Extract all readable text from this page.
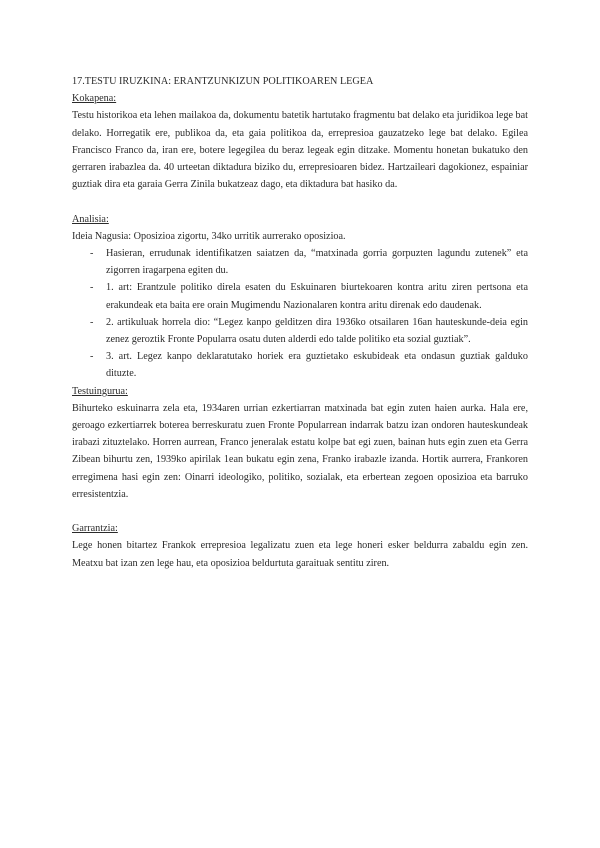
17.TESTU IRUZKINA: ERANTZUNKIZUN POLITIKOAREN LEGEA

Kokapena:

Testu historikoa eta lehen mailakoa da, dokumentu batetik hartutako fragmentu bat delako eta juridikoa lege bat delako. Horregatik ere, publikoa da, eta gaia politikoa da, errepresioa gauzatzeko lege bat delako. Egilea Francisco Franco da, iran ere, botere legegilea du beraz legeak egin ditzake. Momentu honetan bukatuko den gerraren irabazlea da. 40 urteetan diktadura biziko du, errepresioaren bidez. Hartzaileari dagokionez, espainiar guztiak dira eta garaia Gerra Zinila bukatzeaz dago, eta diktadura bat hasiko da.

Analisia:

Ideia Nagusia: Oposizioa zigortu, 34ko urritik aurrerako oposizioa.

- Hasieran, errudunak identifikatzen saiatzen da, “matxinada gorria gorpuzten lagundu zutenek” eta zigorren iragarpena egiten du.
- 1. art: Erantzule politiko direla esaten du Eskuinaren biurtekoaren kontra aritu ziren pertsona eta erakundeak eta baita ere orain Mugimendu Nazionalaren kontra aritu direnak edo daudenak.
- 2. artikuluak horrela dio: “Legez kanpo gelditzen dira 1936ko otsailaren 16an hauteskunde-deia egin zenez geroztik Fronte Popularra osatu duten alderdi edo talde politiko eta sozial guztiak”.
- 3. art. Legez kanpo deklaratutako horiek era guztietako eskubideak eta ondasun guztiak galduko dituzte.

Testuingurua:

Bihurteko eskuinarra zela eta, 1934aren urrian ezkertiarran matxinada bat egin zuten haien aurka. Hala ere, geroago ezkertiarrek boterea berreskuratu zuen Fronte Popularrean indarrak batzu izan ondoren hauteskundeak irabazi zituztelako. Horren aurrean, Franco jeneralak estatu kolpe bat egi zuen, bainan huts egin zuen eta Gerra Zibean bihurtu zen, 1939ko apirilak 1ean bukatu egin zena, Franko irabazle izanda. Hortik aurrera, Frankoren erregimena hasi egin zen: Oinarri ideologiko, politiko, sozialak, eta erbertean zegoen oposizioa eta barruko erresistentzia.

Garrantzia:

Lege honen bitartez Frankok errepresioa legalizatu zuen eta lege honeri esker beldurra zabaldu egin zen. Meatxu bat izan zen lege hau, eta oposizioa beldurtuta garaituak sentitu ziren.
